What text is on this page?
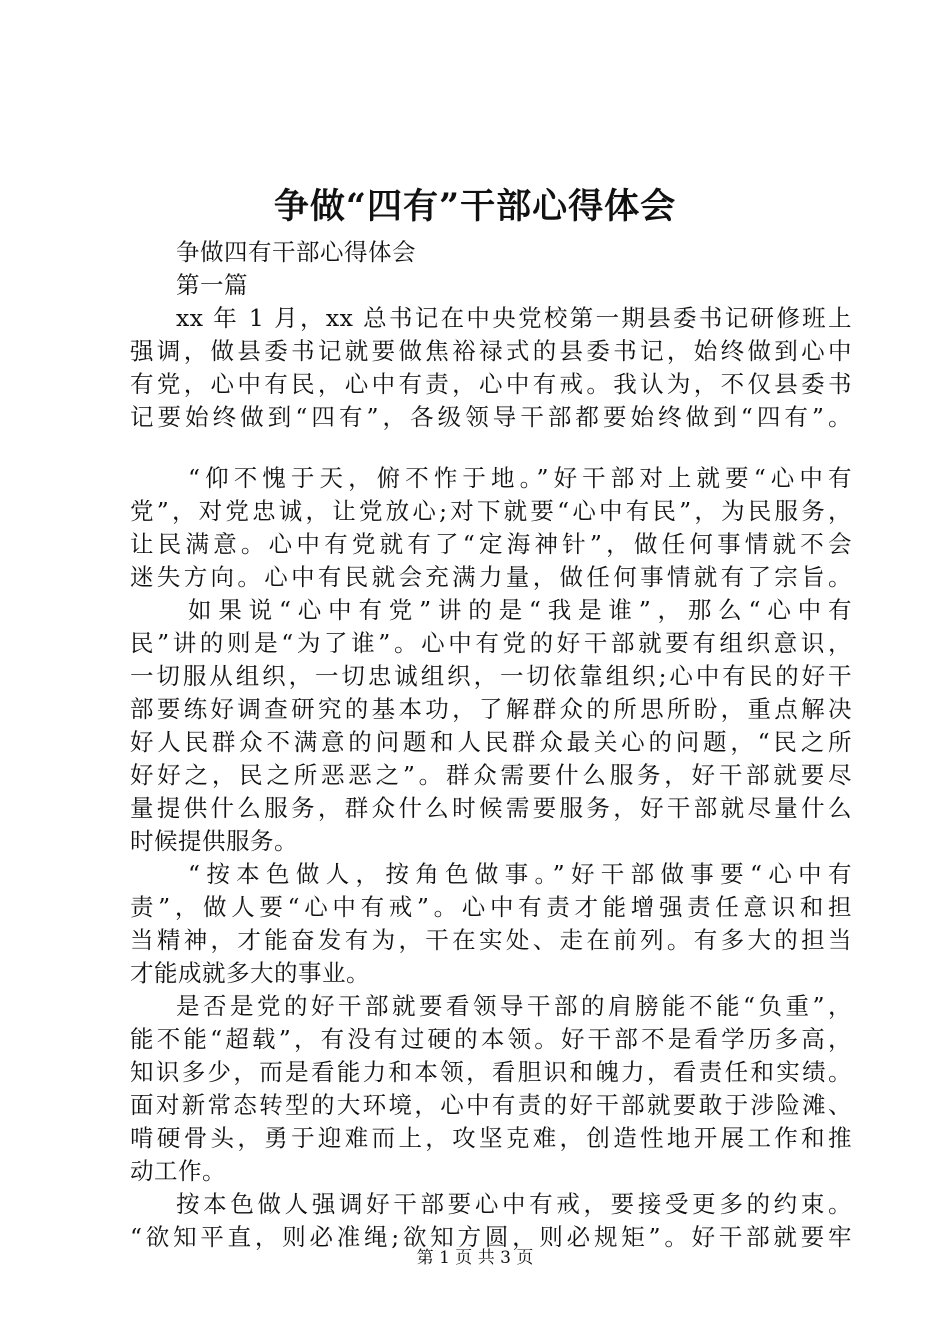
争做“四有”干部心得体会
争做四有干部心得体会
第一篇
xx 年 1 月，xx 总书记在中央党校第一期县委书记研修班上
强调，做县委书记就要做焦裕禄式的县委书记，始终做到心中
有党，心中有民，心中有责，心中有戒。我认为，不仅县委书
记要始终做到“四有”，各级领导干部都要始终做到“四有”。
“仰不愧于天，俯不怍于地。”好干部对上就要“心中有
党”，对党忠诚，让党放心;对下就要“心中有民”，为民服务，
让民满意。心中有党就有了“定海神针”，做任何事情就不会
迷失方向。心中有民就会充满力量，做任何事情就有了宗旨。
如果说“心中有党”讲的是“我是谁”，那么“心中有
民”讲的则是“为了谁”。心中有党的好干部就要有组织意识，
一切服从组织，一切忠诚组织，一切依靠组织;心中有民的好干
部要练好调查研究的基本功，了解群众的所思所盼，重点解决
好人民群众不满意的问题和人民群众最关心的问题，“民之所
好好之，民之所恶恶之”。群众需要什么服务，好干部就要尽
量提供什么服务，群众什么时候需要服务，好干部就尽量什么
时候提供服务。
“按本色做人，按角色做事。”好干部做事要“心中有
责”，做人要“心中有戒”。心中有责才能增强责任意识和担
当精神，才能奋发有为，干在实处、走在前列。有多大的担当
才能成就多大的事业。
是否是党的好干部就要看领导干部的肩膀能不能“负重”，
能不能“超载”，有没有过硬的本领。好干部不是看学历多高，
知识多少，而是看能力和本领，看胆识和魄力，看责任和实绩。
面对新常态转型的大环境，心中有责的好干部就要敢于涉险滩、
啃硬骨头，勇于迎难而上，攻坚克难，创造性地开展工作和推
动工作。
按本色做人强调好干部要心中有戒，要接受更多的约束。
“欲知平直，则必准绳;欲知方圆，则必规矩”。好干部就要牢
第 1 页 共 3 页
